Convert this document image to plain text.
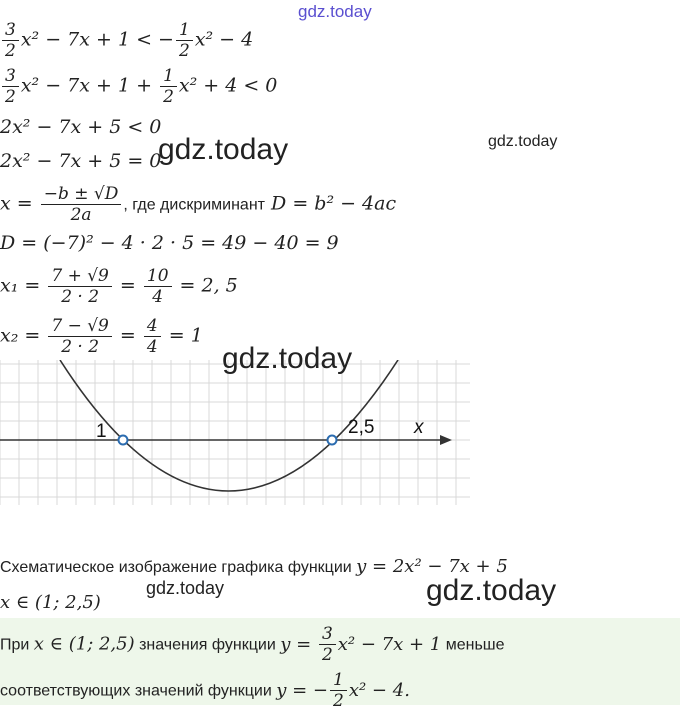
gdz.today
gdz.today	gdz.today
$\frac{3}{2} x^2 - 7x + 1$ < − $\frac{1}{2} x^2 - 4$
$\frac{3}{2} x^2 - 7x + 1 + \frac{1}{2} x^2 + 4 < 0$
2x² − 7x + 5 < 0
2x² − 7x + 5 = 0
$x = \frac{-b \pm √D}{2a}$ , где дискриминант D = b² − 4ac
D = (−7)² − 4 · 2 · 5 = 49 − 40 = 9
$x_1 = \frac{7 + √9}{2 \cdot 2} = \frac{10}{4} = 2$, 5
$x_2 = \frac{7 - √9}{2 \cdot 2} = \frac{4}{4} = 1$
1	2,5 x
gdz.today
Схематическое изображение графика функции y = 2x² − 7x + 5
gdz.today
x ∈ (1; 2,5)	gdz.today
При x ∈ (1; 2,5) значения функции $y = \frac{3}{2} x^2 - 7x + 1$ меньше
соответствующих значений функции y = − $\frac{1}{2} x^2 - 4$.
